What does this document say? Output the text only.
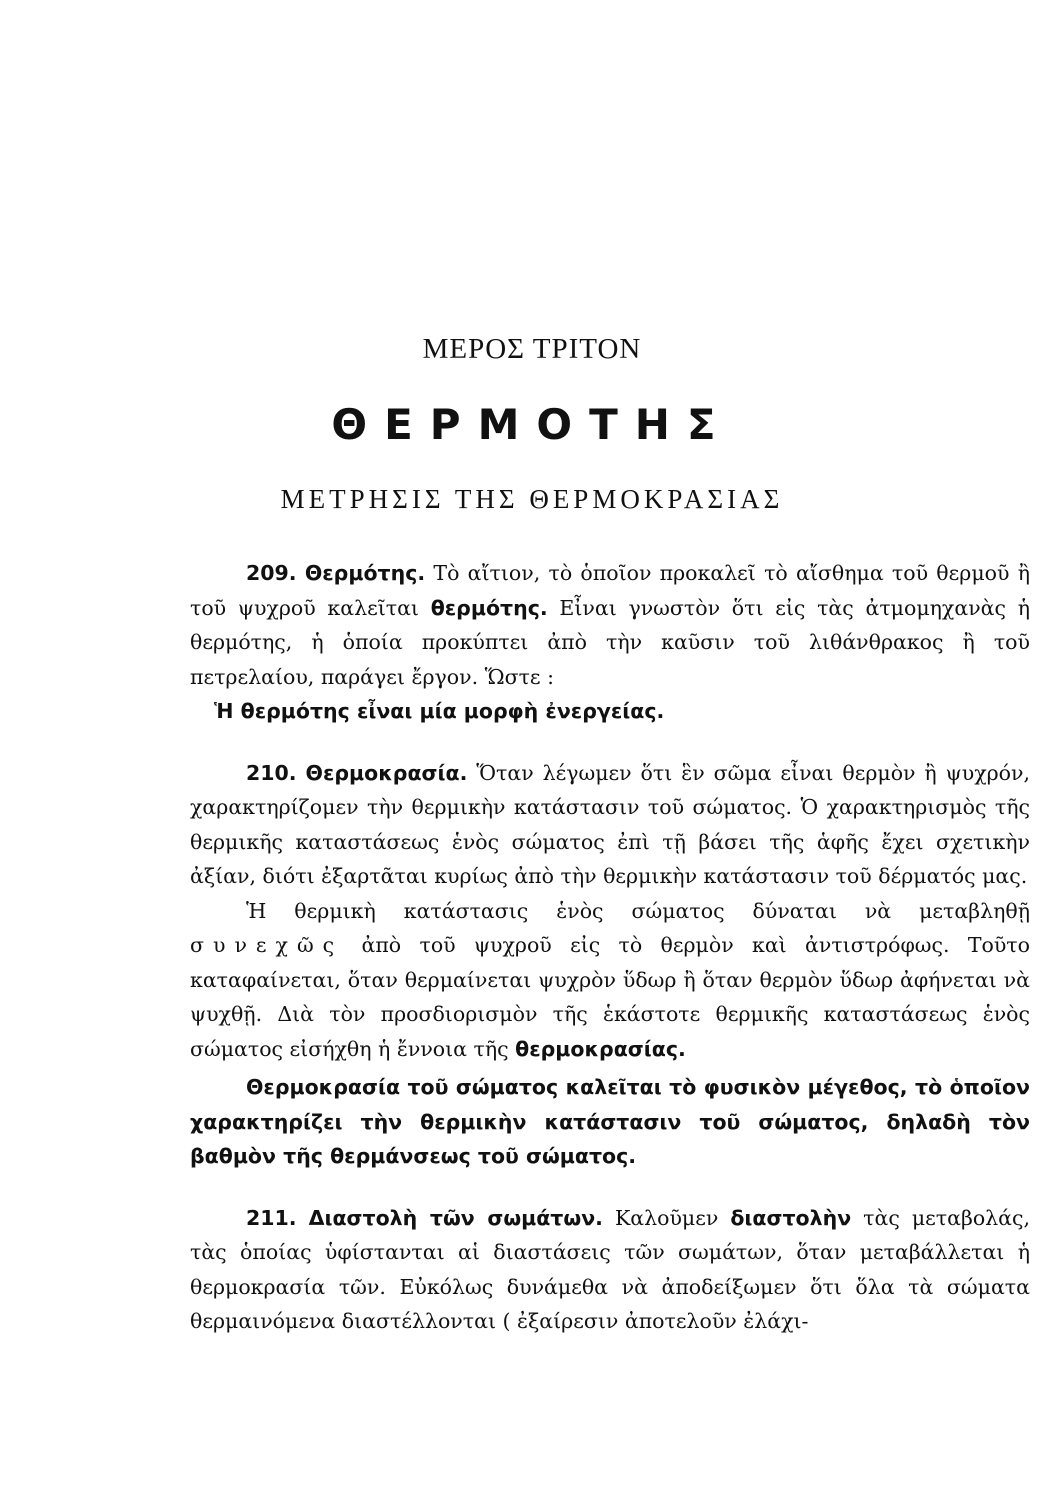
ΜΕΡΟΣ ΤΡΙΤΟΝ
ΘΕΡΜΟΤΗΣ
ΜΕΤΡΗΣΙΣ ΤΗΣ ΘΕΡΜΟΚΡΑΣΙΑΣ

209. Θερμότης. Τὸ αἴτιον, τὸ ὁποῖον προκαλεῖ τὸ αἴσθημα τοῦ θερμοῦ ἢ τοῦ ψυχροῦ καλεῖται θερμότης. Εἶναι γνωστὸν ὅτι εἰς τὰς ἀτμομηχανὰς ἡ θερμότης, ἡ ὁποία προκύπτει ἀπὸ τὴν καῦσιν τοῦ λιθάνθρακος ἢ τοῦ πετρελαίου, παράγει ἔργον. Ὥστε :

Ἡ θερμότης εἶναι μία μορφὴ ἐνεργείας.

210. Θερμοκρασία. Ὅταν λέγωμεν ὅτι ἓν σῶμα εἶναι θερμὸν ἢ ψυχρόν, χαρακτηρίζομεν τὴν θερμικὴν κατάστασιν τοῦ σώματος. Ὁ χαρακτηρισμὸς τῆς θερμικῆς καταστάσεως ἑνὸς σώματος ἐπὶ τῇ βάσει τῆς ἁφῆς ἔχει σχετικὴν ἀξίαν, διότι ἐξαρτᾶται κυρίως ἀπὸ τὴν θερμικὴν κατάστασιν τοῦ δέρματός μας.

Ἡ θερμικὴ κατάστασις ἑνὸς σώματος δύναται νὰ μεταβληθῇ συνεχῶς ἀπὸ τοῦ ψυχροῦ εἰς τὸ θερμὸν καὶ ἀντιστρόφως. Τοῦτο καταφαίνεται, ὅταν θερμαίνεται ψυχρὸν ὕδωρ ἢ ὅταν θερμὸν ὕδωρ ἀφήνεται νὰ ψυχθῇ. Διὰ τὸν προσδιορισμὸν τῆς ἑκάστοτε θερμικῆς καταστάσεως ἑνὸς σώματος εἰσήχθη ἡ ἔννοια τῆς θερμοκρασίας.

Θερμοκρασία τοῦ σώματος καλεῖται τὸ φυσικὸν μέγεθος, τὸ ὁποῖον χαρακτηρίζει τὴν θερμικὴν κατάστασιν τοῦ σώματος, δηλαδὴ τὸν βαθμὸν τῆς θερμάνσεως τοῦ σώματος.

211. Διαστολὴ τῶν σωμάτων. Καλοῦμεν διαστολὴν τὰς μεταβολάς, τὰς ὁποίας ὑφίστανται αἱ διαστάσεις τῶν σωμάτων, ὅταν μεταβάλλεται ἡ θερμοκρασία τῶν. Εὐκόλως δυνάμεθα νὰ ἀποδείξωμεν ὅτι ὅλα τὰ σώματα θερμαινόμενα διαστέλλονται ( ἐξαίρεσιν ἀποτελοῦν ἐλάχι-
